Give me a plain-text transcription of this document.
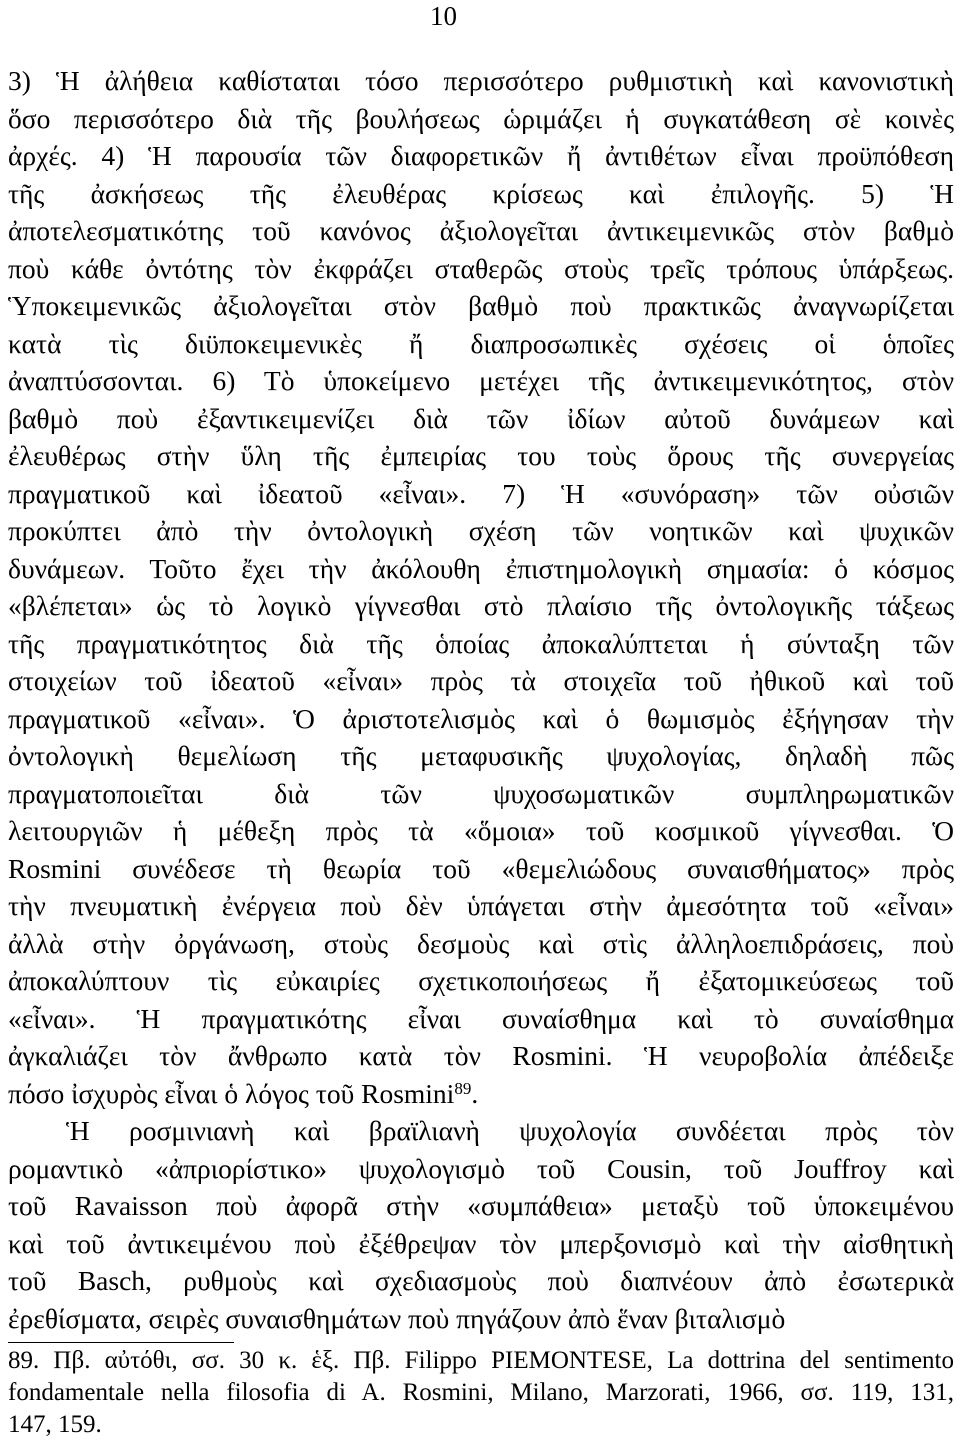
10
3) Ἡ ἀλήθεια καθίσταται τόσο περισσότερο ρυθμιστικὴ καὶ κανονιστικὴ
ὅσο περισσότερο διὰ τῆς βουλήσεως ὡριμάζει ἡ συγκατάθεση σὲ κοινὲς
ἀρχές. 4) Ἡ παρουσία τῶν διαφορετικῶν ἤ ἀντιθέτων εἶναι προϋπόθεση
τῆς ἀσκήσεως τῆς ἐλευθέρας κρίσεως καὶ ἐπιλογῆς. 5) Ἡ
ἀποτελεσματικότης τοῦ κανόνος ἀξιολογεῖται ἀντικειμενικῶς στὸν βαθμὸ
ποὺ κάθε ὀντότης τὸν ἐκφράζει σταθερῶς στοὺς τρεῖς τρόπους ὑπάρξεως.
Ὑποκειμενικῶς ἀξιολογεῖται στὸν βαθμὸ ποὺ πρακτικῶς ἀναγνωρίζεται
κατὰ τὶς διϋποκειμενικὲς ἤ διαπροσωπικὲς σχέσεις οἱ ὁποῖες
ἀναπτύσσονται. 6) Τὸ ὑποκείμενο μετέχει τῆς ἀντικειμενικότητος, στὸν
βαθμὸ ποὺ ἐξαντικειμενίζει διὰ τῶν ἰδίων αὐτοῦ δυνάμεων καὶ
ἐλευθέρως στὴν ὕλη τῆς ἐμπειρίας του τοὺς ὅρους τῆς συνεργείας
πραγματικοῦ καὶ ἰδεατοῦ «εἶναι». 7) Ἡ «συνόραση» τῶν οὐσιῶν
προκύπτει ἀπὸ τὴν ὀντολογικὴ σχέση τῶν νοητικῶν καὶ ψυχικῶν
δυνάμεων. Τοῦτο ἔχει τὴν ἀκόλουθη ἐπιστημολογικὴ σημασία: ὁ κόσμος
«βλέπεται» ὡς τὸ λογικὸ γίγνεσθαι στὸ πλαίσιο τῆς ὀντολογικῆς τάξεως
τῆς πραγματικότητος διὰ τῆς ὁποίας ἀποκαλύπτεται ἡ σύνταξη τῶν
στοιχείων τοῦ ἰδεατοῦ «εἶναι» πρὸς τὰ στοιχεῖα τοῦ ἠθικοῦ καὶ τοῦ
πραγματικοῦ «εἶναι». Ὁ ἀριστοτελισμὸς καὶ ὁ θωμισμὸς ἐξήγησαν τὴν
ὀντολογικὴ θεμελίωση τῆς μεταφυσικῆς ψυχολογίας, δηλαδὴ πῶς
πραγματοποιεῖται διὰ τῶν ψυχοσωματικῶν συμπληρωματικῶν
λειτουργιῶν ἡ μέθεξη πρὸς τὰ «ὅμοια» τοῦ κοσμικοῦ γίγνεσθαι. Ὁ
Rosmini συνέδεσε τὴ θεωρία τοῦ «θεμελιώδους συναισθήματος» πρὸς
τὴν πνευματικὴ ἐνέργεια ποὺ δὲν ὑπάγεται στὴν ἀμεσότητα τοῦ «εἶναι»
ἀλλὰ στὴν ὀργάνωση, στοὺς δεσμοὺς καὶ στὶς ἀλληλοεπιδράσεις, ποὺ
ἀποκαλύπτουν τὶς εὐκαιρίες σχετικοποιήσεως ἤ ἐξατομικεύσεως τοῦ
«εἶναι». Ἡ πραγματικότης εἶναι συναίσθημα καὶ τὸ συναίσθημα
ἀγκαλιάζει τὸν ἄνθρωπο κατὰ τὸν Rosmini. Ἡ νευροβολία ἀπέδειξε
πόσο ἰσχυρὸς εἶναι ὁ λόγος τοῦ Rosmini$^{89}$.
Ἡ ροσμινιανὴ καὶ βραϊλιανὴ ψυχολογία συνδέεται πρὸς τὸν
ρομαντικὸ «ἀπριορίστικο» ψυχολογισμὸ τοῦ Cousin, τοῦ Jouffroy καὶ
τοῦ Ravaisson ποὺ ἀφορᾶ στὴν «συμπάθεια» μεταξὺ τοῦ ὑποκειμένου
καὶ τοῦ ἀντικειμένου ποὺ ἐξέθρεψαν τὸν μπερξονισμὸ καὶ τὴν αἰσθητικὴ
τοῦ Basch, ρυθμοὺς καὶ σχεδιασμοὺς ποὺ διαπνέουν ἀπὸ ἐσωτερικὰ
ἐρεθίσματα, σειρὲς συναισθημάτων ποὺ πηγάζουν ἀπὸ ἕναν βιταλισμὸ
89. Πβ. αὐτόθι, σσ. 30 κ. ἑξ. Πβ. Filippo PIEMONTESE, La dottrina del sentimento
fondamentale nella filosofia di A. Rosmini, Milano, Marzorati, 1966, σσ. 119, 131,
147, 159.
